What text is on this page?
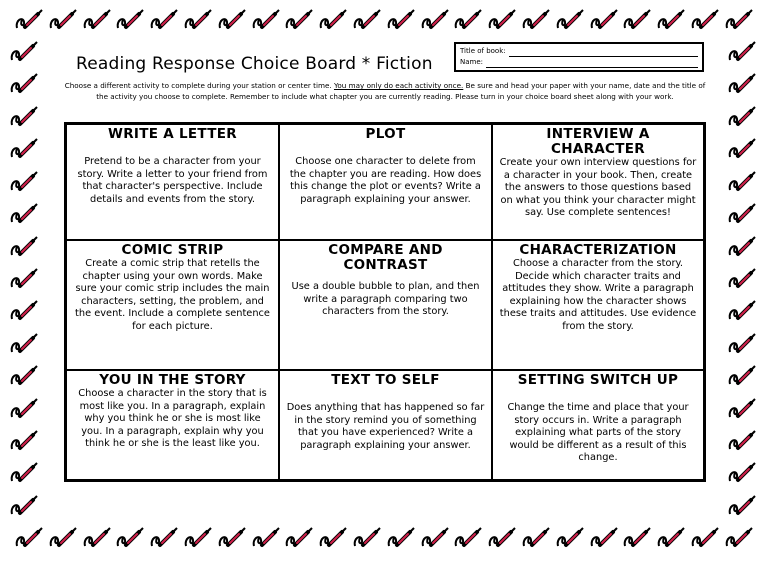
Reading Response Choice Board * Fiction
Title of book:
Name:
Choose a different activity to complete during your station or center time. You may only do each activity once. Be sure and head your paper with your name, date and the title of the activity you choose to complete. Remember to include what chapter you are currently reading. Please turn in your choice board sheet along with your work.
WRITE A LETTER

Pretend to be a character from your story. Write a letter to your friend from that character's perspective. Include details and events from the story.

PLOT

Choose one character to delete from the chapter you are reading. How does this change the plot or events? Write a paragraph explaining your answer.

INTERVIEW A CHARACTER

Create your own interview questions for a character in your book. Then, create the answers to those questions based on what you think your character might say. Use complete sentences!

COMIC STRIP

Create a comic strip that retells the chapter using your own words. Make sure your comic strip includes the main characters, setting, the problem, and the event. Include a complete sentence for each picture.

COMPARE AND CONTRAST

Use a double bubble to plan, and then write a paragraph comparing two characters from the story.

CHARACTERIZATION

Choose a character from the story. Decide which character traits and attitudes they show. Write a paragraph explaining how the character shows these traits and attitudes. Use evidence from the story.

YOU IN THE STORY

Choose a character in the story that is most like you. In a paragraph, explain why you think he or she is most like you. In a paragraph, explain why you think he or she is the least like you.

TEXT TO SELF

Does anything that has happened so far in the story remind you of something that you have experienced? Write a paragraph explaining your answer.

SETTING SWITCH UP

Change the time and place that your story occurs in. Write a paragraph explaining what parts of the story would be different as a result of this change.
